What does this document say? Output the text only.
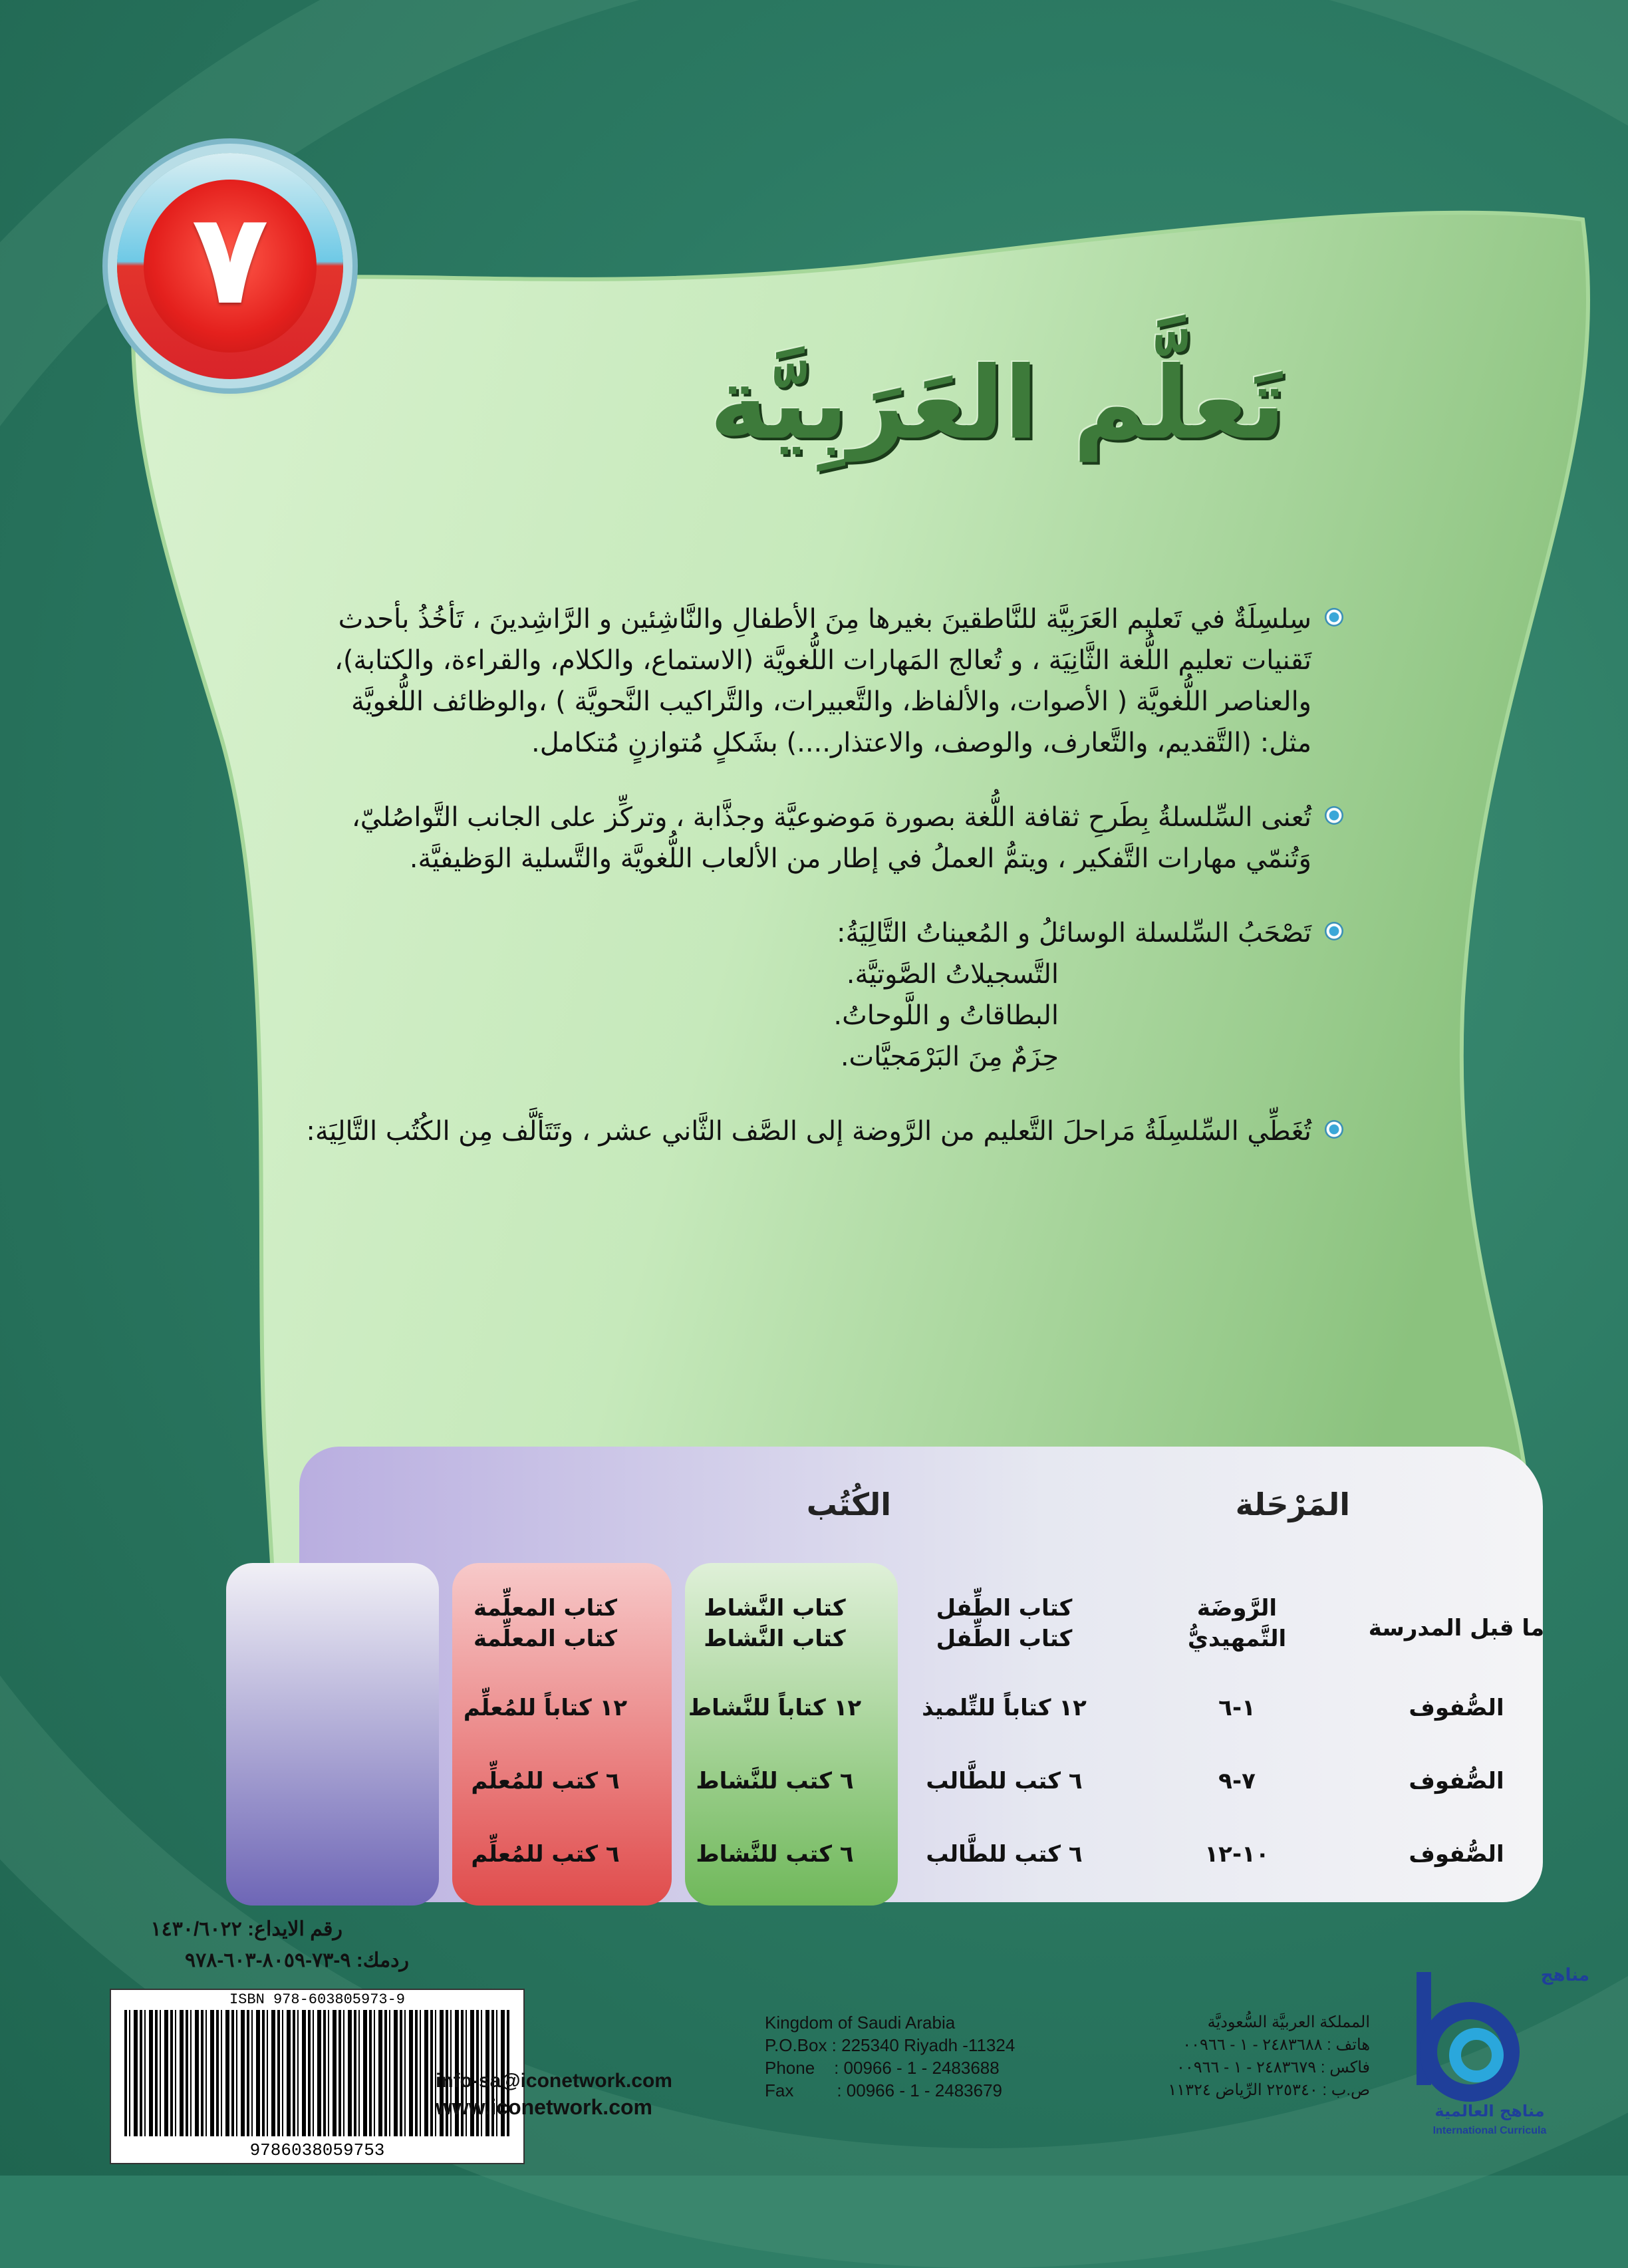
٧
تَعلَّم العَرَبِيَّة
سِلسِلَةٌ في تَعليم العَرَبِيَّة للنَّاطقينَ بغيرها مِنَ الأطفالِ والنَّاشِئين و الرَّاشِدينَ ، تَأخُذُ بأحدث
تَقنيات تعليم اللُّغة الثَّانِيَة ، و تُعالج المَهارات اللُّغويَّة (الاستماع، والكلام، والقراءة، والكتابة)،
والعناصر اللُّغويَّة ( الأصوات، والألفاظ، والتَّعبيرات، والتَّراكيب النَّحويَّة ) ،والوظائف اللُّغويَّة
مثل: (التَّقديم، والتَّعارف، والوصف، والاعتذار....) بشَكلٍ مُتوازنٍ مُتكامل.
تُعنى السِّلسلةُ بِطَرحِ ثقافة اللُّغة بصورة مَوضوعيَّة وجذَّابة ، وتركِّز على الجانب التَّواصُليّ،
وَتُنمّي مهارات التَّفكير ، ويتمُّ العملُ في إطار من الألعاب اللُّغويَّة والتَّسلية الوَظيفيَّة.
تَصْحَبُ السِّلسلة الوسائلُ و المُعيناتُ التَّالِيَةُ:
التَّسجيلاتُ الصَّوتيَّة.
البطاقاتُ و اللَّوحاتُ.
حِزَمٌ مِنَ البَرْمَجيَّات.
تُغَطِّي السِّلسِلَةُ مَراحلَ التَّعليم من الرَّوضة إلى الصَّف الثَّاني عشر ، وتَتَألَّف مِن الكُتُب التَّالِيَة:
المَرْحَلة
الكُتُب
ما قبل المدرسة
الرَّوضَة
التَّمهيديُّ
كتاب الطِّفل
كتاب الطِّفل
كتاب النَّشاط
كتاب النَّشاط
كتاب المعلِّمة
كتاب المعلِّمة
الصُّفوف
١-٦
١٢ كتاباً للتِّلميذ
١٢ كتاباً للنَّشاط
١٢ كتاباً للمُعلِّم
الصُّفوف
٧-٩
٦ كتب للطَّالب
٦ كتب للنَّشاط
٦ كتب للمُعلِّم
الصُّفوف
١٠-١٢
٦ كتب للطَّالب
٦ كتب للنَّشاط
٦ كتب للمُعلِّم
رقم الايداع: ١٤٣٠/٦٠٢٢
ردمك: ٩-٧٣-٨٠٥٩-٦٠٣-٩٧٨
ISBN 978-603805973-9
9786038059753
info-sa@iconetwork.com
www.iconetwork.com
Kingdom of Saudi Arabia
P.O.Box : 225340 Riyadh -11324
Phone    : 00966 - 1 - 2483688
Fax         : 00966 - 1 - 2483679
المملكة العربيَّة السُّعوديَّة
هاتف : ٢٤٨٣٦٨٨ - ١ - ٠٠٩٦٦
فاكس : ٢٤٨٣٦٧٩ - ١ - ٠٠٩٦٦
ص.ب : ٢٢٥٣٤٠ الرِّياض ١١٣٢٤
مناهج
مناهج العالمية
International Curricula
